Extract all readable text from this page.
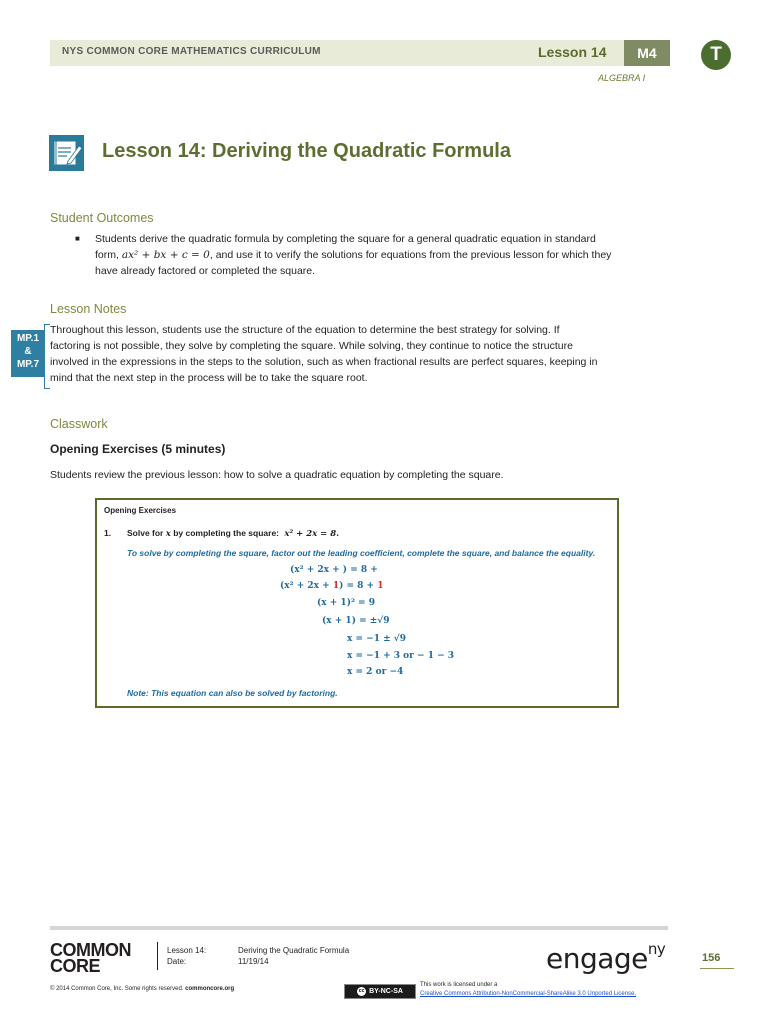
NYS COMMON CORE MATHEMATICS CURRICULUM	Lesson 14	M4
ALGEBRA I
T
Lesson 14: Deriving the Quadratic Formula
Student Outcomes
■ Students derive the quadratic formula by completing the square for a general quadratic equation in standard
form, ax² + bx + c = 0, and use it to verify the solutions for equations from the previous lesson for which they
have already factored or completed the square.
Lesson Notes
MP.1
&
MP.7
Throughout this lesson, students use the structure of the equation to determine the best strategy for solving. If
factoring is not possible, they solve by completing the square. While solving, they continue to notice the structure
involved in the expressions in the steps to the solution, such as when fractional results are perfect squares, keeping in
mind that the next step in the process will be to take the square root.
Classwork
Opening Exercises (5 minutes)
Students review the previous lesson: how to solve a quadratic equation by completing the square.
Opening Exercises
1. Solve for x by completing the square: x² + 2x = 8.
To solve by completing the square, factor out the leading coefficient, complete the square, and balance the equality.
(x² + 2x + ) = 8 +
(x² + 2x + 1) = 8 + 1
(x + 1)² = 9
(x + 1) = ±√9
x = −1 ± √9
x = −1 + 3 or − 1 − 3
x = 2 or −4
Note: This equation can also be solved by factoring.
COMMON
CORE
Lesson 14:
Date:
Deriving the Quadratic Formula
11/19/14	engage$^{ny}$	156
© 2014 Common Core, Inc. Some rights reserved. commoncore.org	cc BY-NC-SA
This work is licensed under a
Creative Commons Attribution-NonCommercial-ShareAlike 3.0 Unported License.
